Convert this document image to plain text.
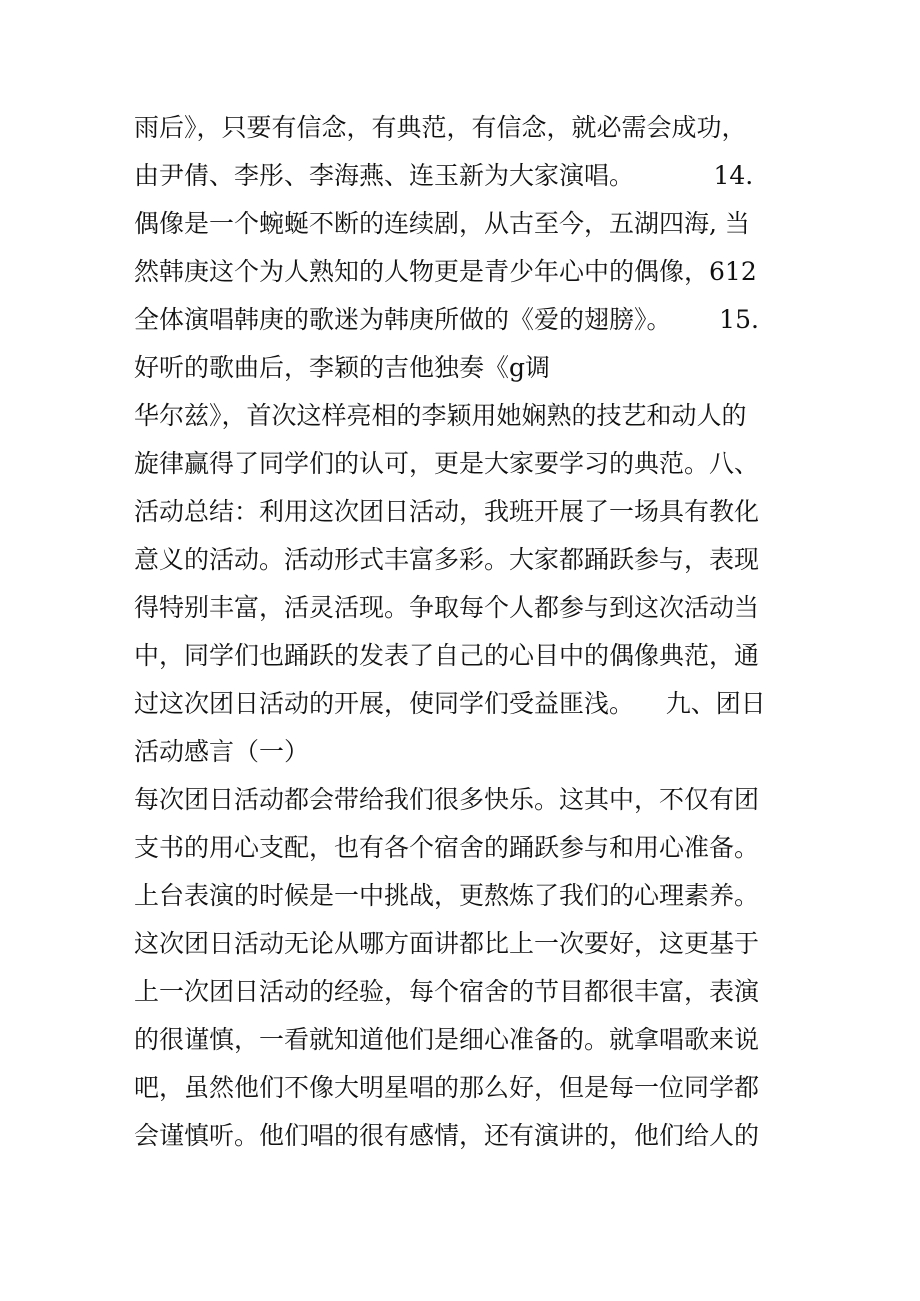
雨后》，只要有信念，有典范，有信念，就必需会成功，
由尹倩、李彤、李海燕、连玉新为大家演唱。          14.
偶像是一个蜿蜒不断的连续剧，从古至今，五湖四海, 当
然韩庚这个为人熟知的人物更是青少年心中的偶像，612
全体演唱韩庚的歌迷为韩庚所做的《爱的翅膀》。      15.
好听的歌曲后，李颖的吉他独奏《g调
华尔兹》，首次这样亮相的李颖用她娴熟的技艺和动人的
旋律赢得了同学们的认可，更是大家要学习的典范。八、
活动总结：利用这次团日活动，我班开展了一场具有教化
意义的活动。活动形式丰富多彩。大家都踊跃参与，表现
得特别丰富，活灵活现。争取每个人都参与到这次活动当
中，同学们也踊跃的发表了自己的心目中的偶像典范，通
过这次团日活动的开展，使同学们受益匪浅。    九、团日
活动感言（一）
每次团日活动都会带给我们很多快乐。这其中，不仅有团
支书的用心支配，也有各个宿舍的踊跃参与和用心准备。
上台表演的时候是一中挑战，更熬炼了我们的心理素养。
这次团日活动无论从哪方面讲都比上一次要好，这更基于
上一次团日活动的经验，每个宿舍的节目都很丰富，表演
的很谨慎，一看就知道他们是细心准备的。就拿唱歌来说
吧，虽然他们不像大明星唱的那么好，但是每一位同学都
会谨慎听。他们唱的很有感情，还有演讲的，他们给人的
